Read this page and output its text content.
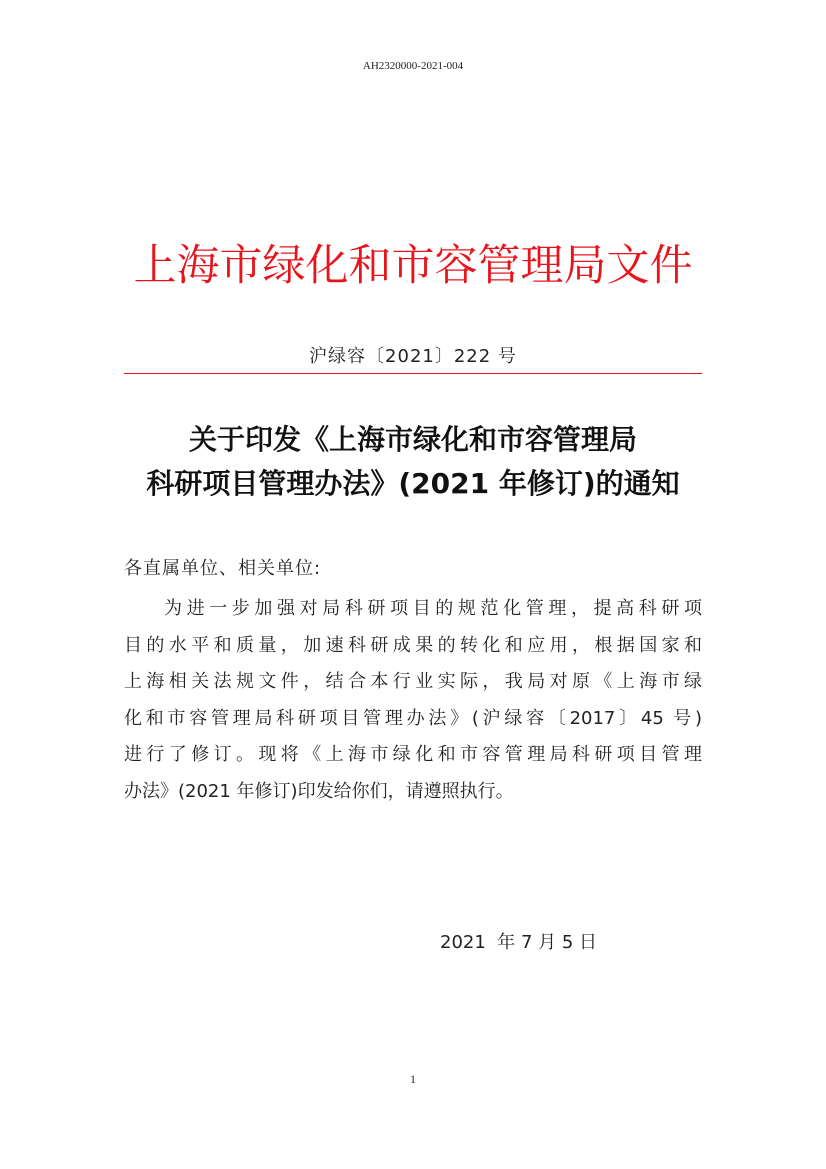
AH2320000-2021-004
上海市绿化和市容管理局文件
沪绿容〔2021〕222 号
关于印发《上海市绿化和市容管理局
科研项目管理办法》(2021 年修订)的通知
各直属单位、相关单位:
为进一步加强对局科研项目的规范化管理，提高科研项
目的水平和质量，加速科研成果的转化和应用，根据国家和
上海相关法规文件，结合本行业实际，我局对原《上海市绿
化和市容管理局科研项目管理办法》(沪绿容〔2017〕45 号)
进行了修订。现将《上海市绿化和市容管理局科研项目管理
办法》(2021 年修订)印发给你们，请遵照执行。
2021  年 7 月 5 日
1
